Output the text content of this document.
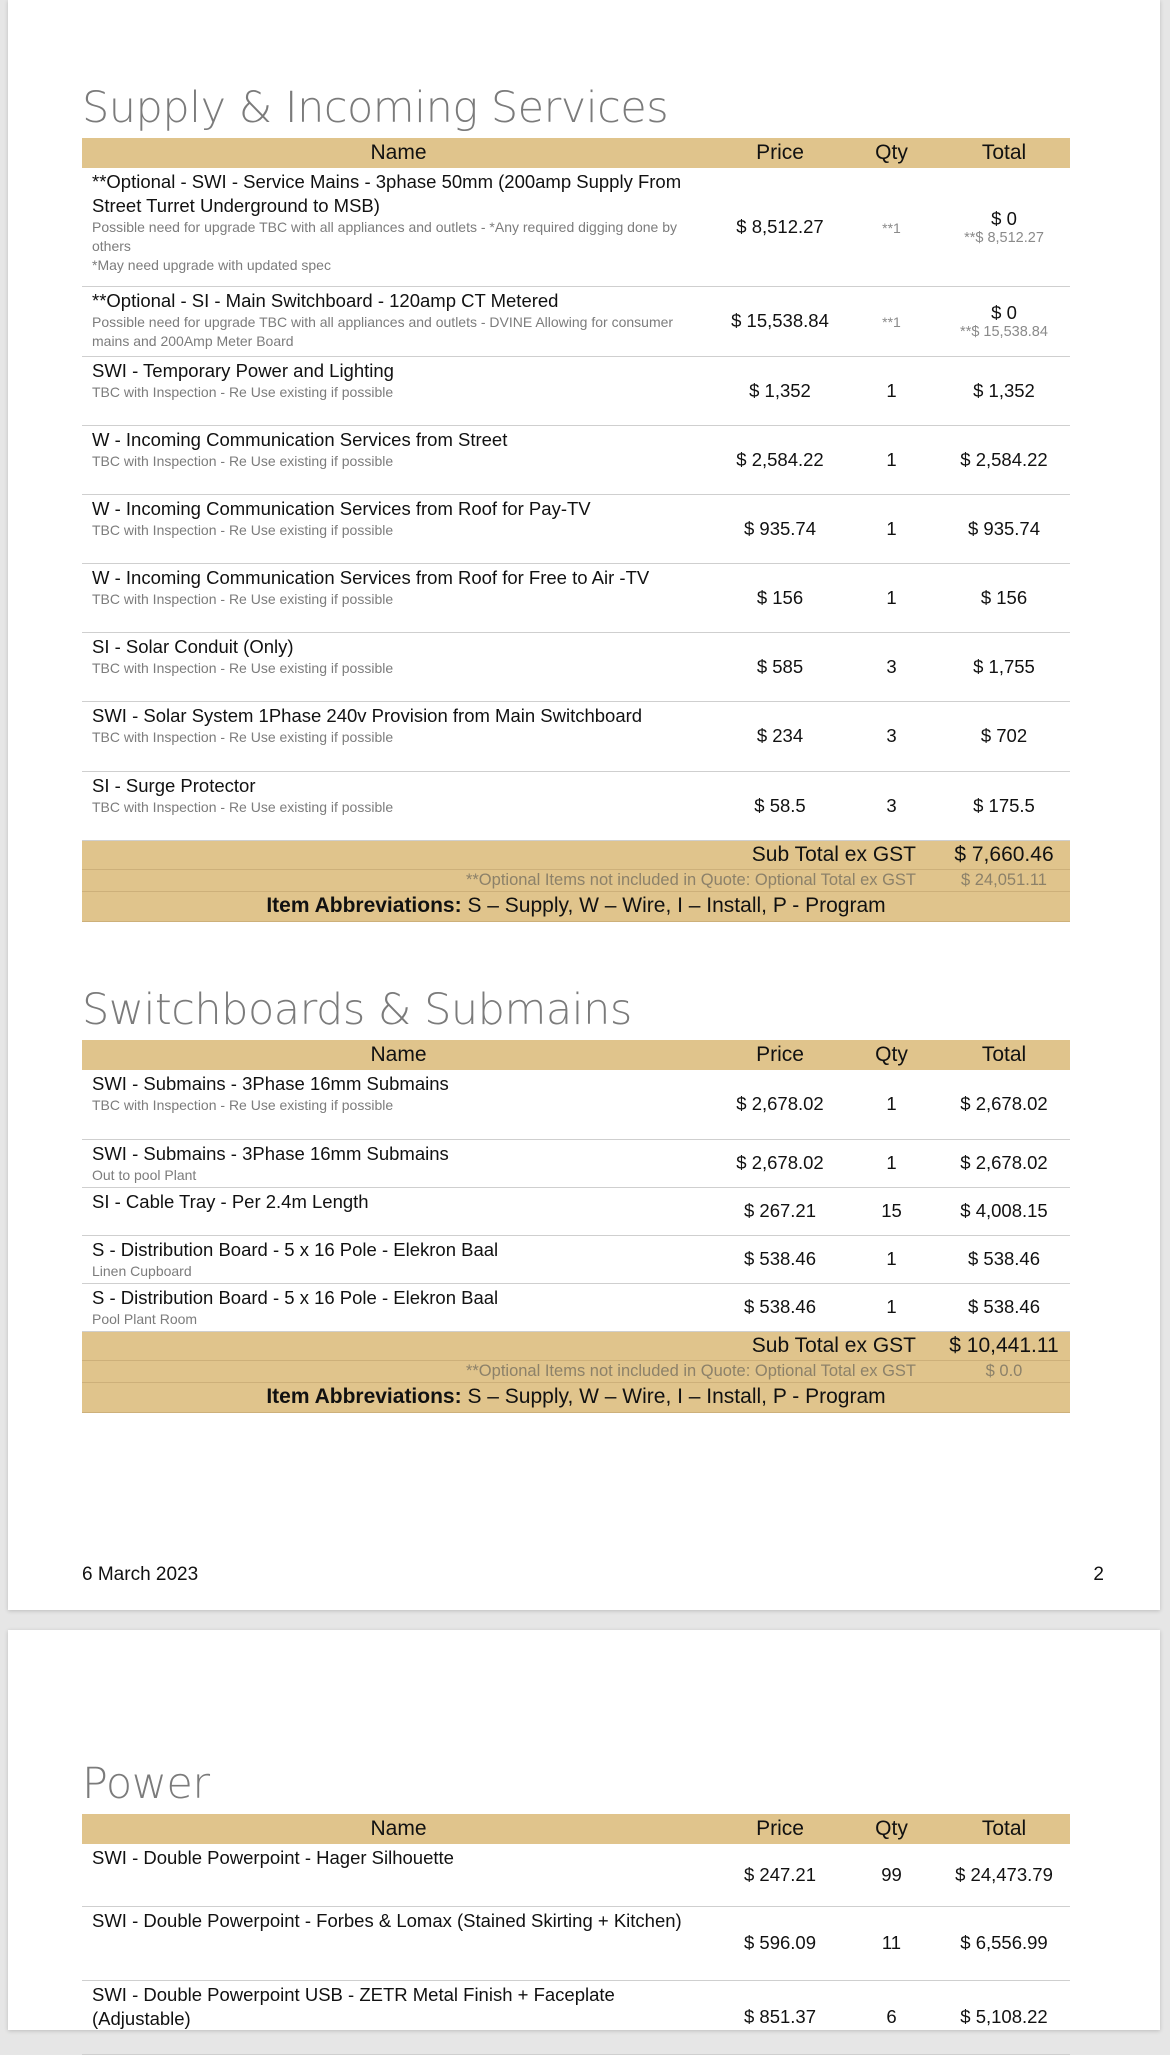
Supply & Incoming Services
Name	Price	Qty	Total

**Optional - SWI - Service Mains - 3phase 50mm (200amp Supply From Street Turret Underground to MSB)
Possible need for upgrade TBC with all appliances and outlets - *Any required digging done by others
*May need upgrade with updated spec	$ 8,512.27	**1	$ 0
**$ 8,512.27

**Optional - SI - Main Switchboard - 120amp CT Metered
Possible need for upgrade TBC with all appliances and outlets - DVINE Allowing for consumer mains and 200Amp Meter Board	$ 15,538.84	**1	$ 0
**$ 15,538.84

SWI - Temporary Power and Lighting
TBC with Inspection - Re Use existing if possible	$ 1,352	1	$ 1,352

W - Incoming Communication Services from Street
TBC with Inspection - Re Use existing if possible	$ 2,584.22	1	$ 2,584.22

W - Incoming Communication Services from Roof for Pay-TV
TBC with Inspection - Re Use existing if possible	$ 935.74	1	$ 935.74

W - Incoming Communication Services from Roof for Free to Air -TV
TBC with Inspection - Re Use existing if possible	$ 156	1	$ 156

SI - Solar Conduit (Only)
TBC with Inspection - Re Use existing if possible	$ 585	3	$ 1,755

SWI - Solar System 1Phase 240v Provision from Main Switchboard
TBC with Inspection - Re Use existing if possible	$ 234	3	$ 702

SI - Surge Protector
TBC with Inspection - Re Use existing if possible	$ 58.5	3	$ 175.5
Sub Total ex GST			$ 7,660.46
**Optional Items not included in Quote: Optional Total ex GST			$ 24,051.11
Item Abbreviations: S – Supply, W – Wire, I – Install, P - Program			
Switchboards & Submains
Name	Price	Qty	Total

SWI - Submains - 3Phase 16mm Submains
TBC with Inspection - Re Use existing if possible	$ 2,678.02	1	$ 2,678.02

SWI - Submains - 3Phase 16mm Submains
Out to pool Plant	$ 2,678.02	1	$ 2,678.02

SI - Cable Tray - Per 2.4m Length	$ 267.21	15	$ 4,008.15

S - Distribution Board - 5 x 16 Pole - Elekron Baal
Linen Cupboard	$ 538.46	1	$ 538.46

S - Distribution Board - 5 x 16 Pole - Elekron Baal
Pool Plant Room	$ 538.46	1	$ 538.46
Sub Total ex GST			$ 10,441.11
**Optional Items not included in Quote: Optional Total ex GST			$ 0.0
Item Abbreviations: S – Supply, W – Wire, I – Install, P - Program			
6 March 2023	2
Power
Name	Price	Qty	Total

SWI - Double Powerpoint - Hager Silhouette	$ 247.21	99	$ 24,473.79

SWI - Double Powerpoint - Forbes & Lomax (Stained Skirting + Kitchen)	$ 596.09	11	$ 6,556.99

SWI - Double Powerpoint USB - ZETR Metal Finish + Faceplate (Adjustable)	$ 851.37	6	$ 5,108.22
